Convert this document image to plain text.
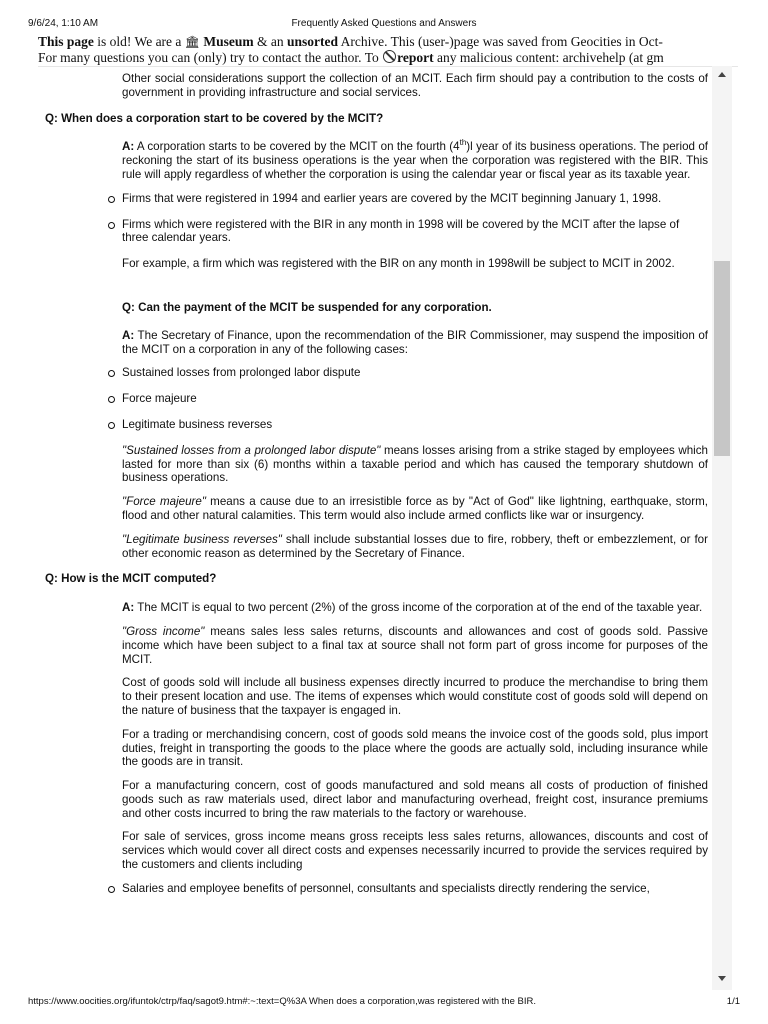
9/6/24, 1:10 AM	Frequently Asked Questions and Answers
This page is old! We are a 🏛 Museum & an unsorted Archive. This (user-)page was saved from Geocities in Oct-
For many questions you can (only) try to contact the author. To report any malicious content: archivehelp (at gm

Other social considerations support the collection of an MCIT. Each firm should pay a contribution to the costs of government in providing infrastructure and social services.

Q: When does a corporation start to be covered by the MCIT?

A: A corporation starts to be covered by the MCIT on the fourth (4th)l year of its business operations. The period of reckoning the start of its business operations is the year when the corporation was registered with the BIR. This rule will apply regardless of whether the corporation is using the calendar year or fiscal year as its taxable year.

Firms that were registered in 1994 and earlier years are covered by the MCIT beginning January 1, 1998.
Firms which were registered with the BIR in any month in 1998 will be covered by the MCIT after the lapse of three calendar years.

For example, a firm which was registered with the BIR on any month in 1998will be subject to MCIT in 2002.

Q: Can the payment of the MCIT be suspended for any corporation.

A: The Secretary of Finance, upon the recommendation of the BIR Commissioner, may suspend the imposition of the MCIT on a corporation in any of the following cases:

Sustained losses from prolonged labor dispute
Force majeure
Legitimate business reverses

"Sustained losses from a prolonged labor dispute" means losses arising from a strike staged by employees which lasted for more than six (6) months within a taxable period and which has caused the temporary shutdown of business operations.

"Force majeure" means a cause due to an irresistible force as by "Act of God" like lightning, earthquake, storm, flood and other natural calamities. This term would also include armed conflicts like war or insurgency.

"Legitimate business reverses" shall include substantial losses due to fire, robbery, theft or embezzlement, or for other economic reason as determined by the Secretary of Finance.

Q: How is the MCIT computed?

A: The MCIT is equal to two percent (2%) of the gross income of the corporation at of the end of the taxable year.

"Gross income" means sales less sales returns, discounts and allowances and cost of goods sold. Passive income which have been subject to a final tax at source shall not form part of gross income for purposes of the MCIT.

Cost of goods sold will include all business expenses directly incurred to produce the merchandise to bring them to their present location and use. The items of expenses which would constitute cost of goods sold will depend on the nature of business that the taxpayer is engaged in.

For a trading or merchandising concern, cost of goods sold means the invoice cost of the goods sold, plus import duties, freight in transporting the goods to the place where the goods are actually sold, including insurance while the goods are in transit.

For a manufacturing concern, cost of goods manufactured and sold means all costs of production of finished goods such as raw materials used, direct labor and manufacturing overhead, freight cost, insurance premiums and other costs incurred to bring the raw materials to the factory or warehouse.

For sale of services, gross income means gross receipts less sales returns, allowances, discounts and cost of services which would cover all direct costs and expenses necessarily incurred to provide the services required by the customers and clients including

Salaries and employee benefits of personnel, consultants and specialists directly rendering the service,
https://www.oocities.org/ifuntok/ctrp/faq/sagot9.htm#:~:text=Q%3A When does a corporation,was registered with the BIR.	1/1
